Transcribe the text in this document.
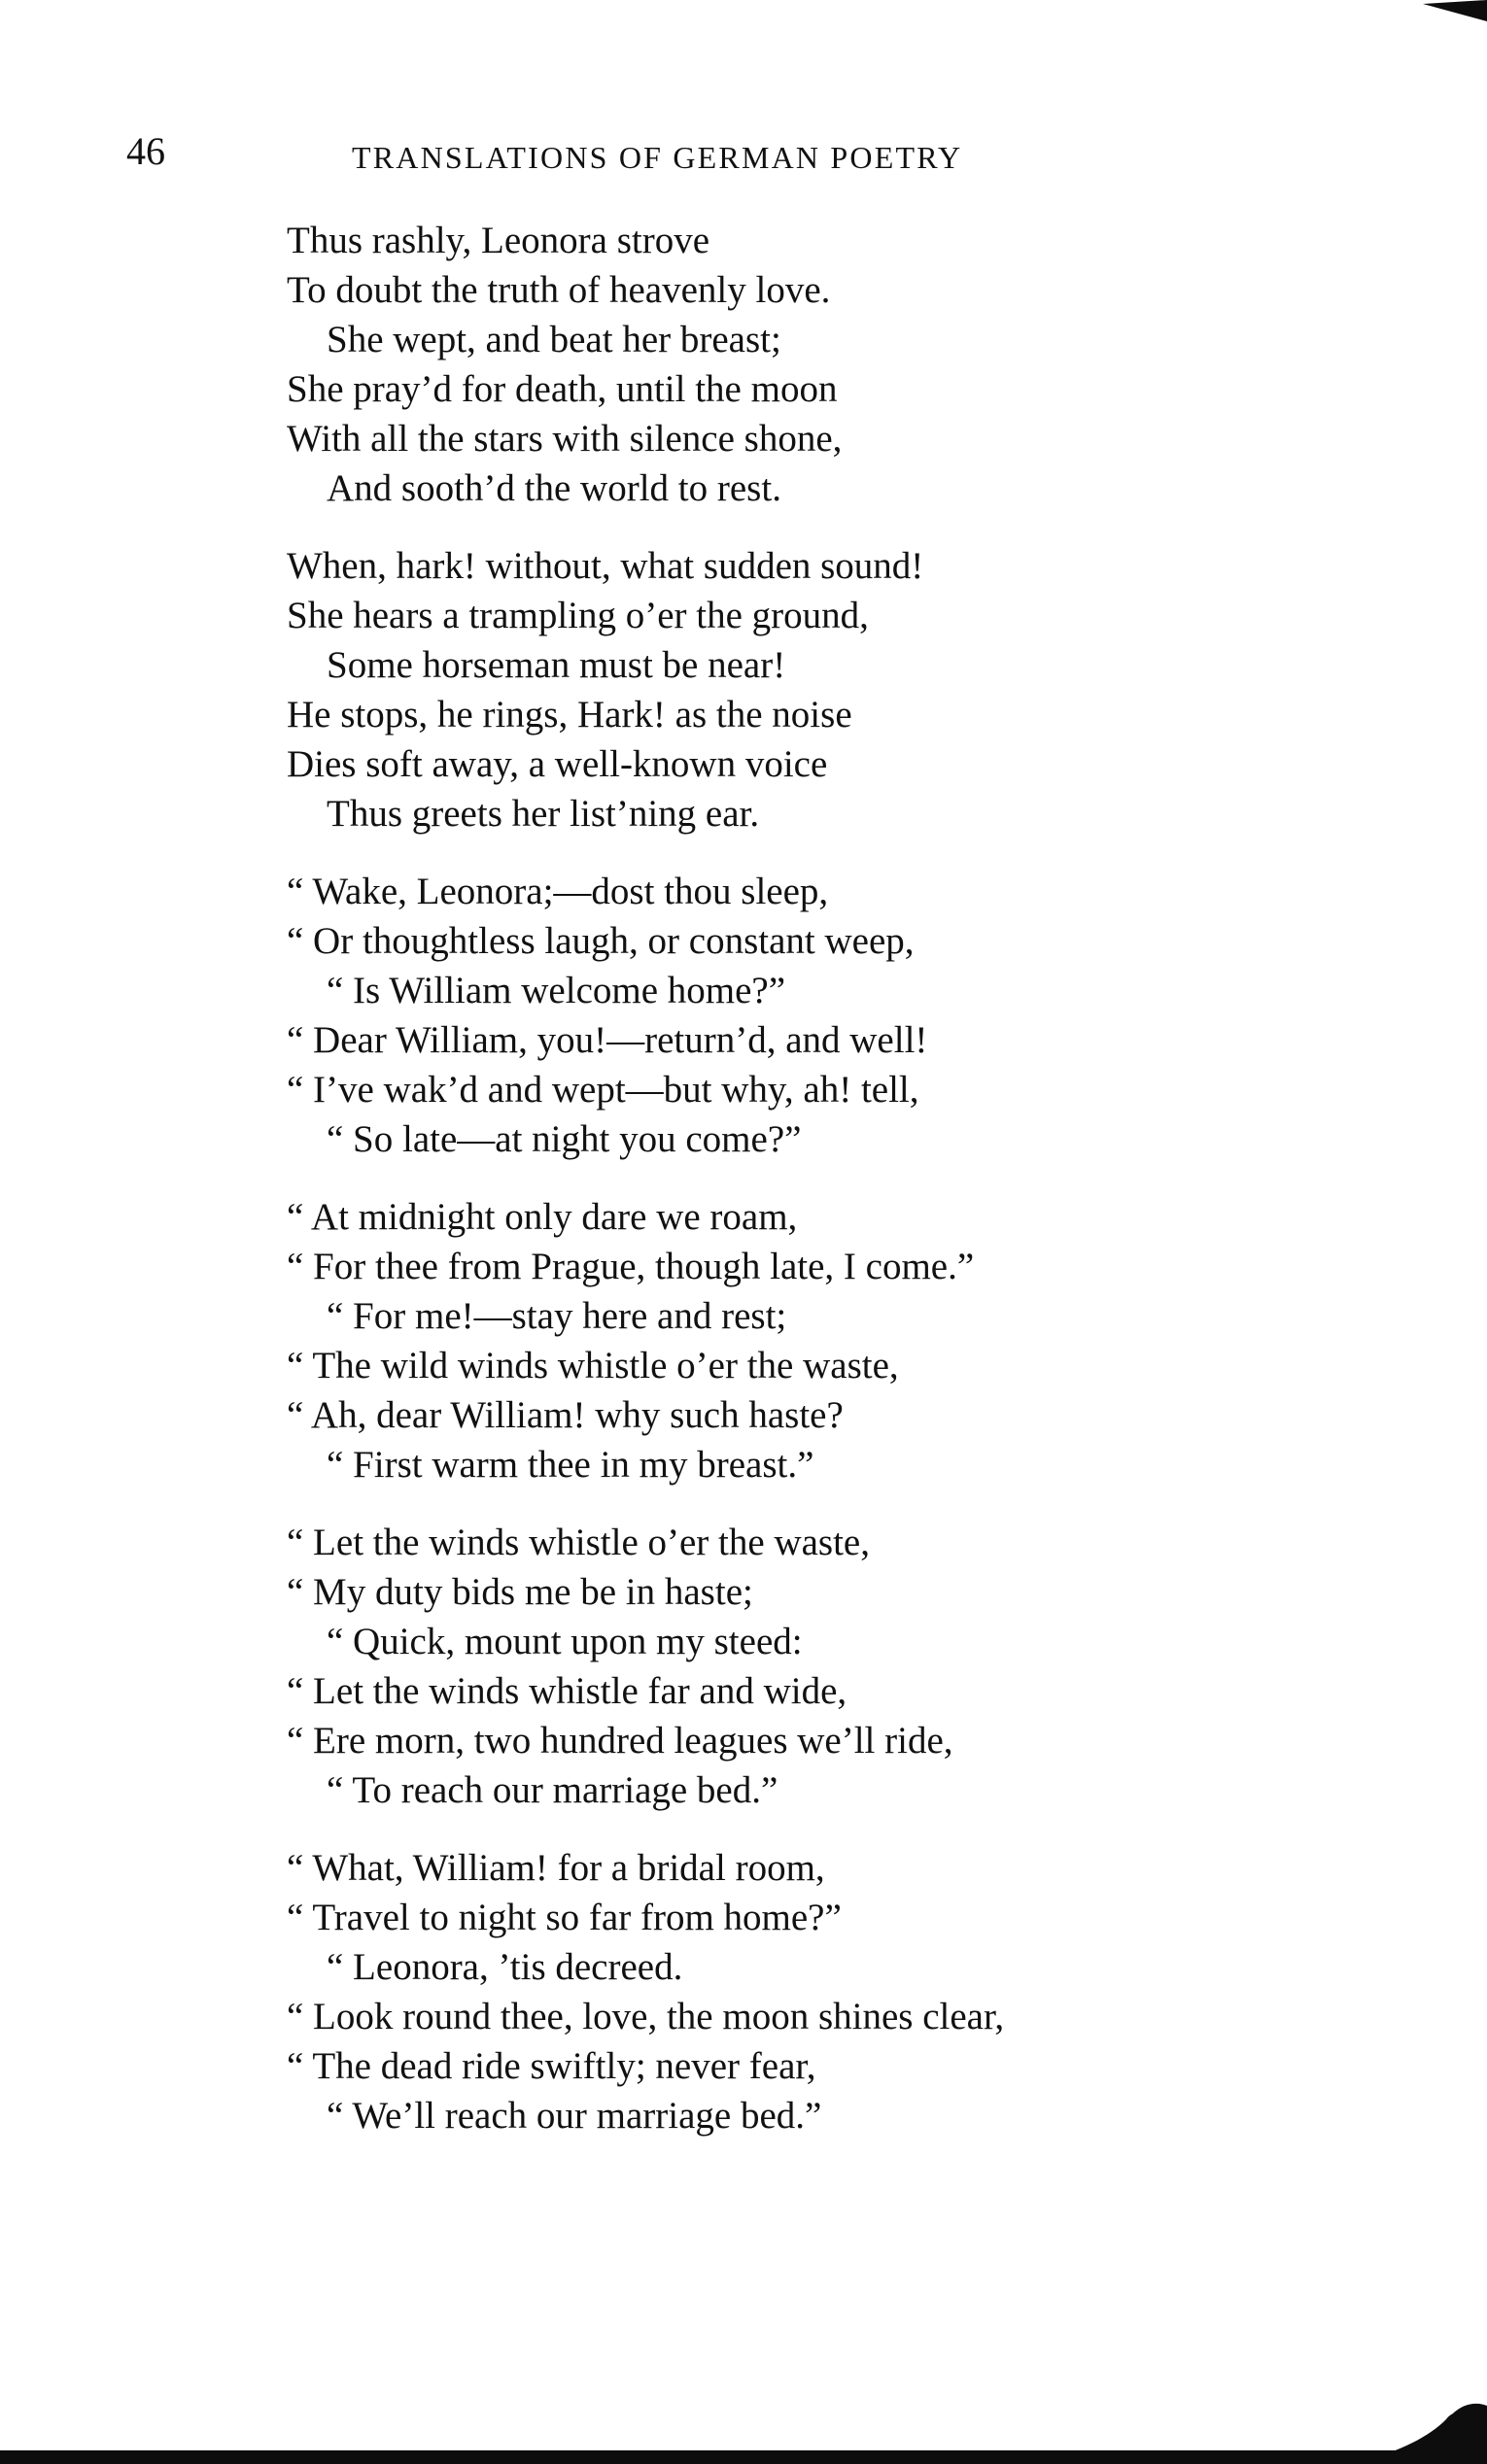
46	TRANSLATIONS OF GERMAN POETRY
Thus rashly, Leonora strove
To doubt the truth of heavenly love.
She wept, and beat her breast;
She pray’d for death, until the moon
With all the stars with silence shone,
And sooth’d the world to rest.
When, hark! without, what sudden sound!
She hears a trampling o’er the ground,
Some horseman must be near!
He stops, he rings, Hark! as the noise
Dies soft away, a well-known voice
Thus greets her list’ning ear.
“ Wake, Leonora;—dost thou sleep,
“ Or thoughtless laugh, or constant weep,
“ Is William welcome home?”
“ Dear William, you!—return’d, and well!
“ I’ve wak’d and wept—but why, ah! tell,
“ So late—at night you come?”
“ At midnight only dare we roam,
“ For thee from Prague, though late, I come.”
“ For me!—stay here and rest;
“ The wild winds whistle o’er the waste,
“ Ah, dear William! why such haste?
“ First warm thee in my breast.”
“ Let the winds whistle o’er the waste,
“ My duty bids me be in haste;
“ Quick, mount upon my steed:
“ Let the winds whistle far and wide,
“ Ere morn, two hundred leagues we’ll ride,
“ To reach our marriage bed.”
“ What, William! for a bridal room,
“ Travel to night so far from home?”
“ Leonora, ’tis decreed.
“ Look round thee, love, the moon shines clear,
“ The dead ride swiftly; never fear,
“ We’ll reach our marriage bed.”
